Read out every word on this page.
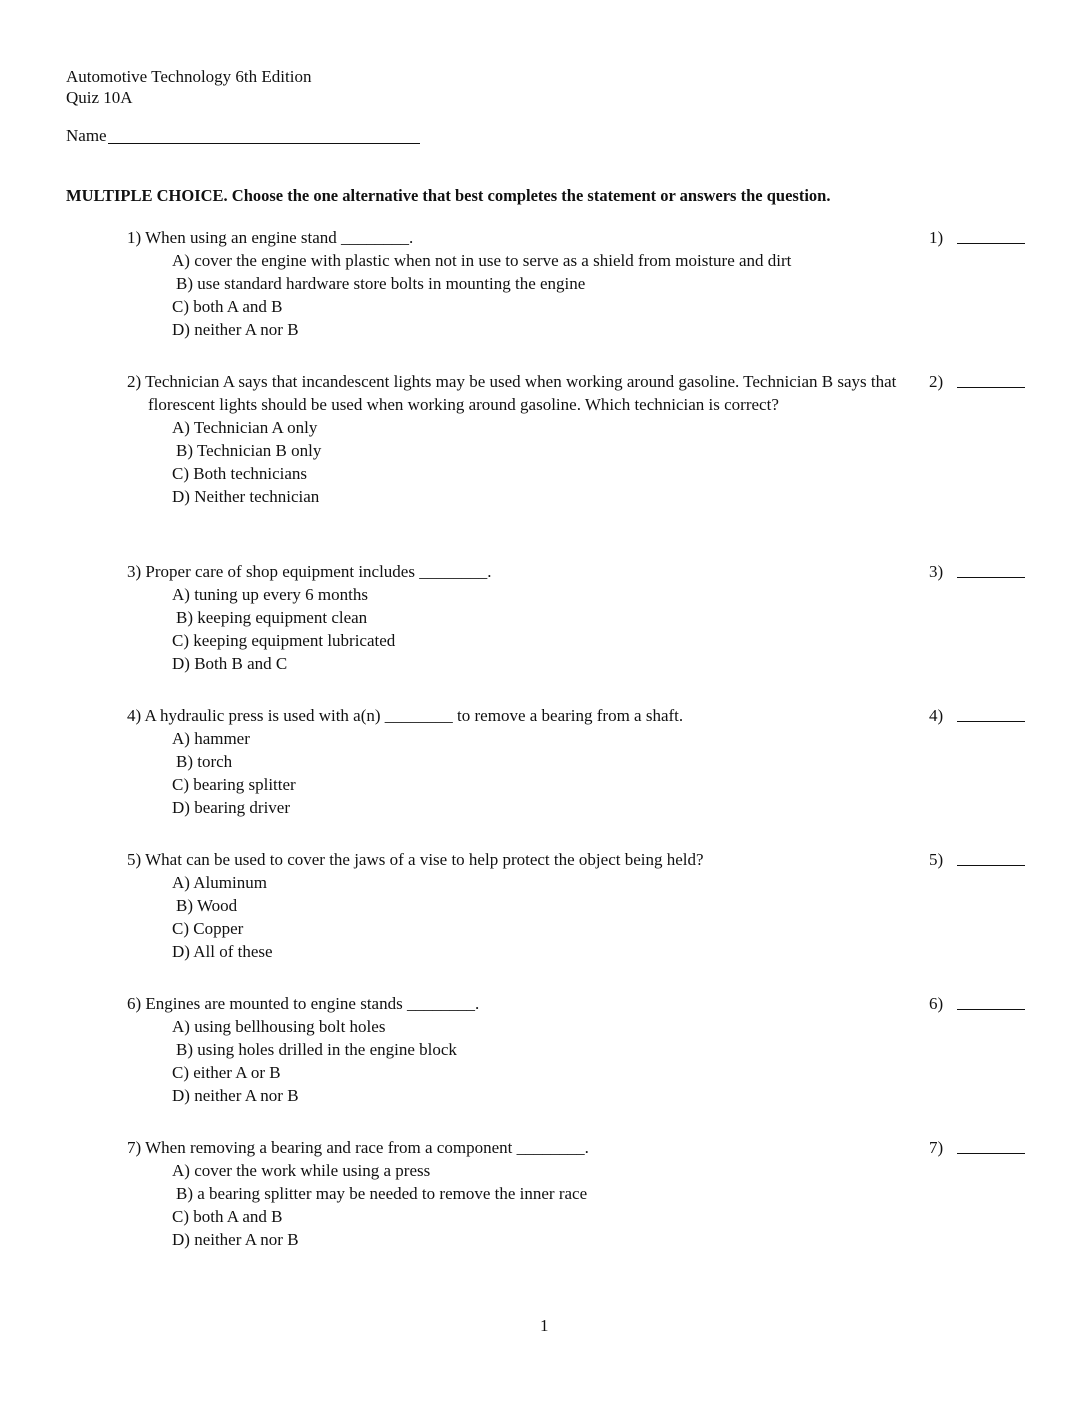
Automotive Technology 6th Edition
Quiz 10A
Name
MULTIPLE CHOICE. Choose the one alternative that best completes the statement or answers the question.
1) When using an engine stand ________.
A) cover the engine with plastic when not in use to serve as a shield from moisture and dirt
B) use standard hardware store bolts in mounting the engine
C) both A and B
D) neither A nor B
1)
2) Technician A says that incandescent lights may be used when working around gasoline. Technician B says that florescent lights should be used when working around gasoline. Which technician is correct?
A) Technician A only
B) Technician B only
C) Both technicians
D) Neither technician
2)
3) Proper care of shop equipment includes ________.
A) tuning up every 6 months
B) keeping equipment clean
C) keeping equipment lubricated
D) Both B and C
3)
4) A hydraulic press is used with a(n) ________ to remove a bearing from a shaft.
A) hammer
B) torch
C) bearing splitter
D) bearing driver
4)
5) What can be used to cover the jaws of a vise to help protect the object being held?
A) Aluminum
B) Wood
C) Copper
D) All of these
5)
6) Engines are mounted to engine stands ________.
A) using bellhousing bolt holes
B) using holes drilled in the engine block
C) either A or B
D) neither A nor B
6)
7) When removing a bearing and race from a component ________.
A) cover the work while using a press
B) a bearing splitter may be needed to remove the inner race
C) both A and B
D) neither A nor B
7)
1
